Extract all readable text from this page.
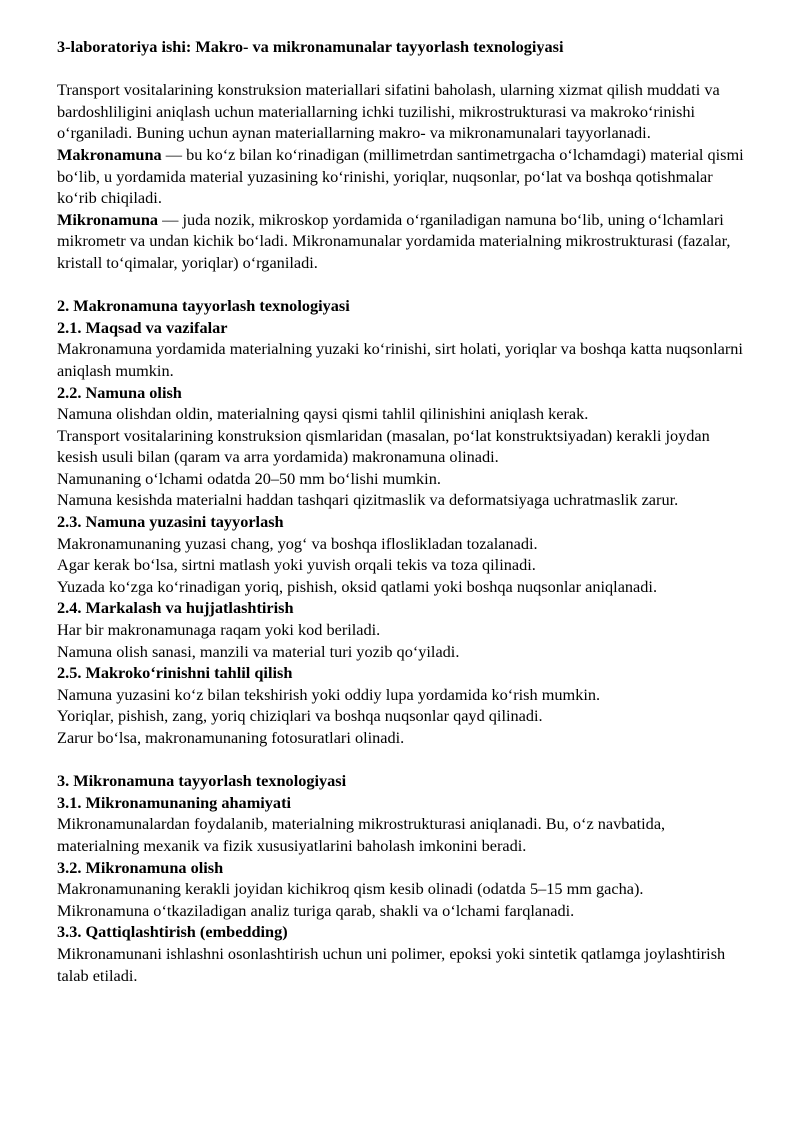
3-laboratoriya ishi: Makro- va mikronamunalar tayyorlash texnologiyasi

Transport vositalarining konstruksion materiallari sifatini baholash, ularning xizmat qilish muddati va bardoshliligini aniqlash uchun materiallarning ichki tuzilishi, mikrostrukturasi va makroko‘rinishi o‘rganiladi. Buning uchun aynan materiallarning makro- va mikronamunalari tayyorlanadi.

Makronamuna — bu ko‘z bilan ko‘rinadigan (millimetrdan santimetrgacha o‘lchamdagi) material qismi bo‘lib, u yordamida material yuzasining ko‘rinishi, yoriqlar, nuqsonlar, po‘lat va boshqa qotishmalar ko‘rib chiqiladi.

Mikronamuna — juda nozik, mikroskop yordamida o‘rganiladigan namuna bo‘lib, uning o‘lchamlari mikrometr va undan kichik bo‘ladi. Mikronamunalar yordamida materialning mikrostrukturasi (fazalar, kristall to‘qimalar, yoriqlar) o‘rganiladi.

2. Makronamuna tayyorlash texnologiyasi
2.1. Maqsad va vazifalar

Makronamuna yordamida materialning yuzaki ko‘rinishi, sirt holati, yoriqlar va boshqa katta nuqsonlarni aniqlash mumkin.

2.2. Namuna olish

Namuna olishdan oldin, materialning qaysi qismi tahlil qilinishini aniqlash kerak.

Transport vositalarining konstruksion qismlaridan (masalan, po‘lat konstruktsiyadan) kerakli joydan kesish usuli bilan (qaram va arra yordamida) makronamuna olinadi.

Namunaning o‘lchami odatda 20–50 mm bo‘lishi mumkin.

Namuna kesishda materialni haddan tashqari qizitmaslik va deformatsiyaga uchratmaslik zarur.

2.3. Namuna yuzasini tayyorlash

Makronamunaning yuzasi chang, yog‘ va boshqa ifloslikladan tozalanadi.

Agar kerak bo‘lsa, sirtni matlash yoki yuvish orqali tekis va toza qilinadi.

Yuzada ko‘zga ko‘rinadigan yoriq, pishish, oksid qatlami yoki boshqa nuqsonlar aniqlanadi.

2.4. Markalash va hujjatlashtirish

Har bir makronamunaga raqam yoki kod beriladi.

Namuna olish sanasi, manzili va material turi yozib qo‘yiladi.

2.5. Makroko‘rinishni tahlil qilish

Namuna yuzasini ko‘z bilan tekshirish yoki oddiy lupa yordamida ko‘rish mumkin.

Yoriqlar, pishish, zang, yoriq chiziqlari va boshqa nuqsonlar qayd qilinadi.

Zarur bo‘lsa, makronamunaning fotosuratlari olinadi.

3. Mikronamuna tayyorlash texnologiyasi
3.1. Mikronamunaning ahamiyati

Mikronamunalardan foydalanib, materialning mikrostrukturasi aniqlanadi. Bu, o‘z navbatida, materialning mexanik va fizik xususiyatlarini baholash imkonini beradi.

3.2. Mikronamuna olish

Makronamunaning kerakli joyidan kichikroq qism kesib olinadi (odatda 5–15 mm gacha).

Mikronamuna o‘tkaziladigan analiz turiga qarab, shakli va o‘lchami farqlanadi.

3.3. Qattiqlashtirish (embedding)

Mikronamunani ishlashni osonlashtirish uchun uni polimer, epoksi yoki sintetik qatlamga joylashtirish talab etiladi.
